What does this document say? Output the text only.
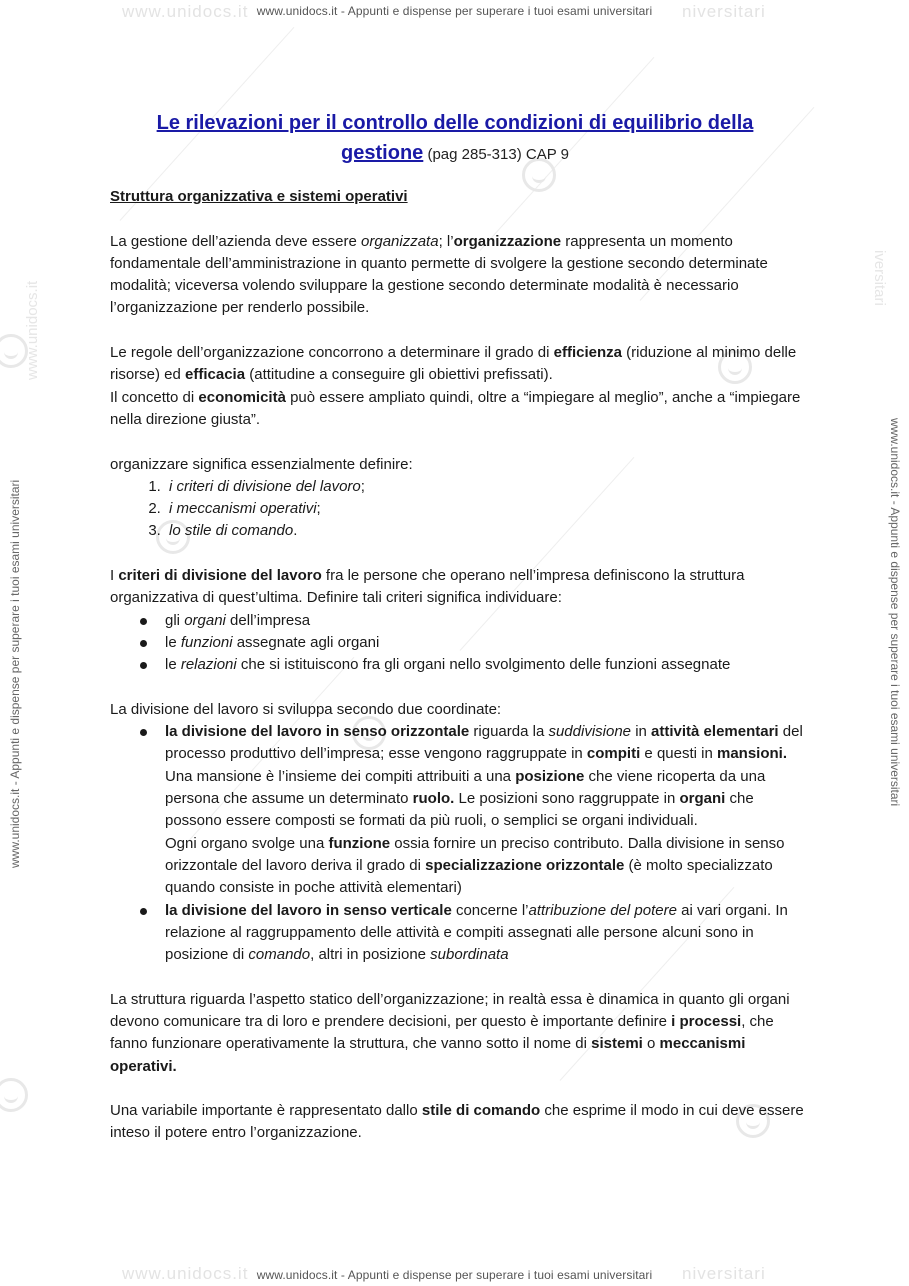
www.unidocs.it	niversitari
www.unidocs.it	niversitari
www.unidocs.it
iversitari
www.unidocs.it - Appunti e dispense per superare i tuoi esami universitari
www.unidocs.it - Appunti e dispense per superare i tuoi esami universitari
www.unidocs.it - Appunti e dispense per superare i tuoi esami universitari	www.unidocs.it - Appunti e dispense per superare i tuoi esami universitari
Le rilevazioni per il controllo delle condizioni di equilibrio della
gestione (pag 285-313) CAP 9

Struttura organizzativa e sistemi operativi

La gestione dell’azienda deve essere organizzata; l’organizzazione rappresenta un momento fondamentale dell’amministrazione in quanto permette di svolgere la gestione secondo determinate modalità; viceversa volendo sviluppare la gestione secondo determinate modalità è necessario l’organizzazione per renderlo possibile.

Le regole dell’organizzazione concorrono a determinare il grado di efficienza (riduzione al minimo delle risorse) ed efficacia (attitudine a conseguire gli obiettivi prefissati).
Il concetto di economicità può essere ampliato quindi, oltre a “impiegare al meglio”, anche a “impiegare nella direzione giusta”.

organizzare significa essenzialmente definire:

1. i criteri di divisione del lavoro;
2. i meccanismi operativi;
3. lo stile di comando.

I criteri di divisione del lavoro fra le persone che operano nell’impresa definiscono la struttura organizzativa di quest’ultima. Definire tali criteri significa individuare:

gli organi dell’impresa
le funzioni assegnate agli organi
le relazioni che si istituiscono fra gli organi nello svolgimento delle funzioni assegnate

La divisione del lavoro si sviluppa secondo due coordinate:

la divisione del lavoro in senso orizzontale riguarda la suddivisione in attività elementari del processo produttivo dell’impresa; esse vengono raggruppate in compiti e questi in mansioni. Una mansione è l’insieme dei compiti attribuiti a una posizione che viene ricoperta da una persona che assume un determinato ruolo. Le posizioni sono raggruppate in organi che possono essere composti se formati da più ruoli, o semplici se organi individuali.
Ogni organo svolge una funzione ossia fornire un preciso contributo. Dalla divisione in senso orizzontale del lavoro deriva il grado di specializzazione orizzontale (è molto specializzato quando consiste in poche attività elementari)
la divisione del lavoro in senso verticale concerne l’attribuzione del potere ai vari organi. In relazione al raggruppamento delle attività e compiti assegnati alle persone alcuni sono in posizione di comando, altri in posizione subordinata

La struttura riguarda l’aspetto statico dell’organizzazione; in realtà essa è dinamica in quanto gli organi devono comunicare tra di loro e prendere decisioni, per questo è importante definire i processi, che fanno funzionare operativamente la struttura, che vanno sotto il nome di sistemi o meccanismi operativi.

Una variabile importante è rappresentato dallo stile di comando che esprime il modo in cui deve essere inteso il potere entro l’organizzazione.
